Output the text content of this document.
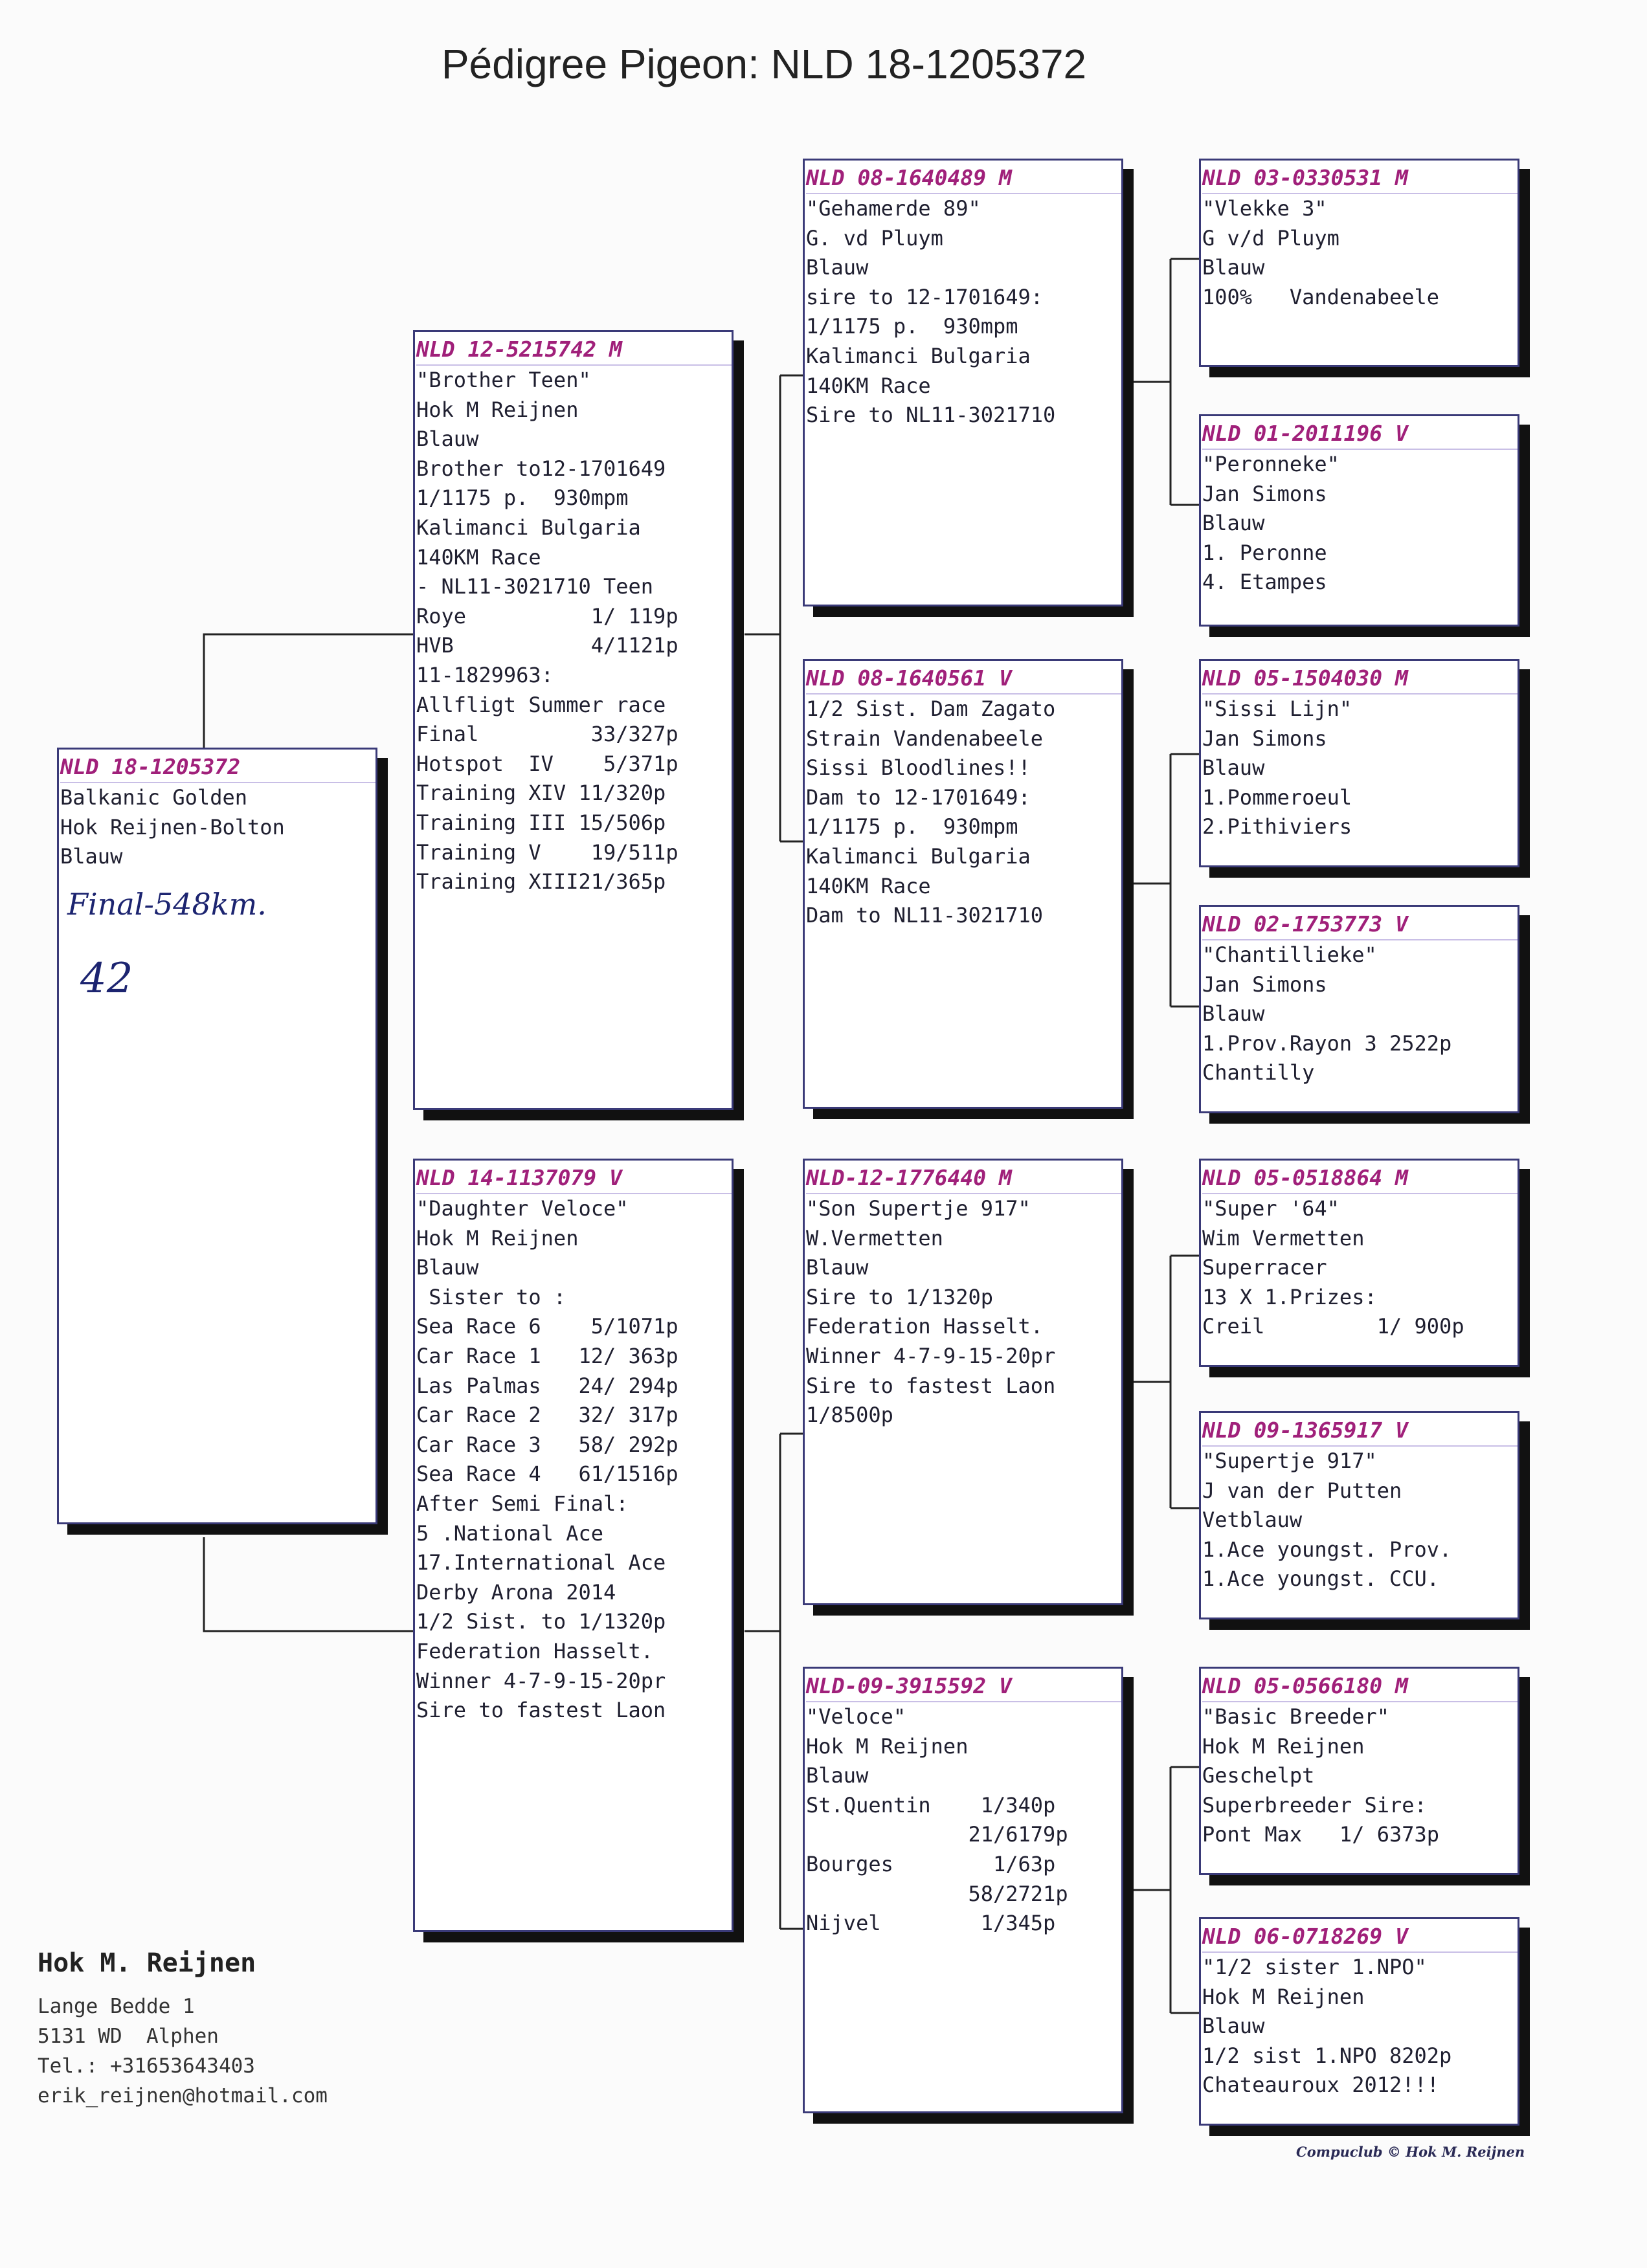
Pédigree Pigeon: NLD 18-1205372
NLD 18-1205372
Balkanic Golden
Hok Reijnen-Bolton
Blauw
Final-548km.
42
NLD 12-5215742 M
"Brother Teen"
Hok M Reijnen
Blauw
Brother to12-1701649
1/1175 p.  930mpm
Kalimanci Bulgaria
140KM Race
- NL11-3021710 Teen
Roye          1/ 119p
HVB           4/1121p
11-1829963:
Allfligt Summer race
Final         33/327p
Hotspot  IV    5/371p
Training XIV 11/320p
Training III 15/506p
Training V    19/511p
Training XIII21/365p
NLD 14-1137079 V
"Daughter Veloce"
Hok M Reijnen
Blauw
Sister to :
Sea Race 6    5/1071p
Car Race 1   12/ 363p
Las Palmas   24/ 294p
Car Race 2   32/ 317p
Car Race 3   58/ 292p
Sea Race 4   61/1516p
After Semi Final:
5 .National Ace
17.International Ace
Derby Arona 2014
1/2 Sist. to 1/1320p
Federation Hasselt.
Winner 4-7-9-15-20pr
Sire to fastest Laon
NLD 08-1640489 M
"Gehamerde 89"
G. vd Pluym
Blauw
sire to 12-1701649:
1/1175 p.  930mpm
Kalimanci Bulgaria
140KM Race
Sire to NL11-3021710
NLD 08-1640561 V
1/2 Sist. Dam Zagato
Strain Vandenabeele
Sissi Bloodlines!!
Dam to 12-1701649:
1/1175 p.  930mpm
Kalimanci Bulgaria
140KM Race
Dam to NL11-3021710
NLD-12-1776440 M
"Son Supertje 917"
W.Vermetten
Blauw
Sire to 1/1320p
Federation Hasselt.
Winner 4-7-9-15-20pr
Sire to fastest Laon
1/8500p
NLD-09-3915592 V
"Veloce"
Hok M Reijnen
Blauw
St.Quentin    1/340p
21/6179p
Bourges        1/63p
58/2721p
Nijvel        1/345p
NLD 03-0330531 M
"Vlekke 3"
G v/d Pluym
Blauw
100%   Vandenabeele
NLD 01-2011196 V
"Peronneke"
Jan Simons
Blauw
1. Peronne
4. Etampes
NLD 05-1504030 M
"Sissi Lijn"
Jan Simons
Blauw
1.Pommeroeul
2.Pithiviers
NLD 02-1753773 V
"Chantillieke"
Jan Simons
Blauw
1.Prov.Rayon 3 2522p
Chantilly
NLD 05-0518864 M
"Super '64"
Wim Vermetten
Superracer
13 X 1.Prizes:
Creil         1/ 900p
NLD 09-1365917 V
"Supertje 917"
J van der Putten
Vetblauw
1.Ace youngst. Prov.
1.Ace youngst. CCU.
NLD 05-0566180 M
"Basic Breeder"
Hok M Reijnen
Geschelpt
Superbreeder Sire:
Pont Max   1/ 6373p
NLD 06-0718269 V
"1/2 sister 1.NPO"
Hok M Reijnen
Blauw
1/2 sist 1.NPO 8202p
Chateauroux 2012!!!
Hok M. Reijnen
Lange Bedde 1
5131 WD  Alphen
Tel.: +31653643403
erik_reijnen@hotmail.com
Compuclub © Hok M. Reijnen
